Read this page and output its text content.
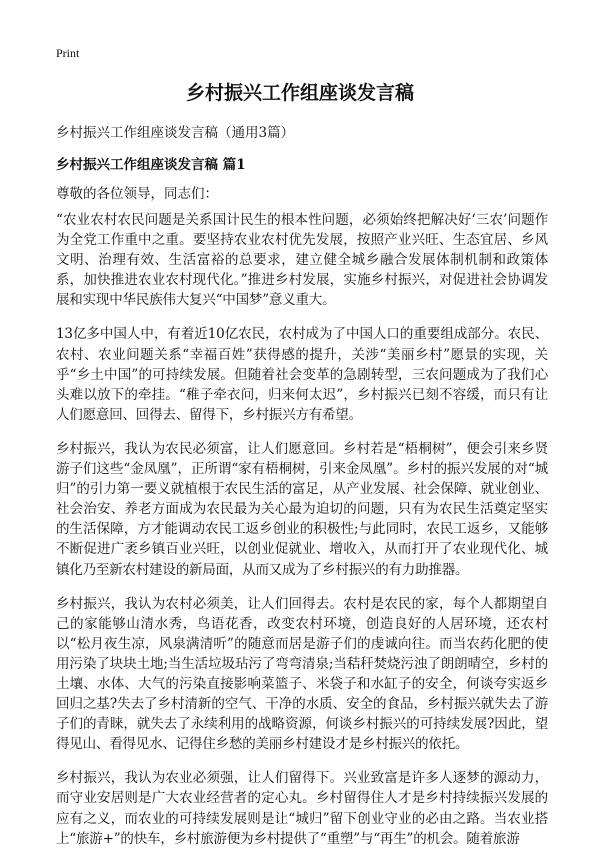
Print
乡村振兴工作组座谈发言稿
乡村振兴工作组座谈发言稿（通用3篇）
乡村振兴工作组座谈发言稿 篇1
尊敬的各位领导，同志们：

“农业农村农民问题是关系国计民生的根本性问题，必须始终把解决好‘三农’问题作为全党工作重中之重。要坚持农业农村优先发展，按照产业兴旺、生态宜居、乡风文明、治理有效、生活富裕的总要求，建立健全城乡融合发展体制机制和政策体系，加快推进农业农村现代化。”推进乡村发展，实施乡村振兴，对促进社会协调发展和实现中华民族伟大复兴“中国梦”意义重大。

13亿多中国人中，有着近10亿农民，农村成为了中国人口的重要组成部分。农民、农村、农业问题关系“幸福百姓”获得感的提升，关涉“美丽乡村”愿景的实现，关乎“乡土中国”的可持续发展。但随着社会变革的急剧转型，三农问题成为了我们心头难以放下的牵挂。“稚子牵衣问，归来何太迟”，乡村振兴已刻不容缓，而只有让人们愿意回、回得去、留得下，乡村振兴方有希望。

乡村振兴，我认为农民必须富，让人们愿意回。乡村若是“梧桐树”，便会引来乡贤游子们这些“金凤凰”，正所谓“家有梧桐树，引来金凤凰”。乡村的振兴发展的对“城归”的引力第一要义就植根于农民生活的富足，从产业发展、社会保障、就业创业、社会治安、养老方面成为农民最为关心最为迫切的问题，只有为农民生活奠定坚实的生活保障，方才能调动农民工返乡创业的积极性;与此同时，农民工返乡，又能够不断促进广袤乡镇百业兴旺，以创业促就业、增收入，从而打开了农业现代化、城镇化乃至新农村建设的新局面，从而又成为了乡村振兴的有力助推器。

乡村振兴，我认为农村必须美，让人们回得去。农村是农民的家，每个人都期望自己的家能够山清水秀，鸟语花香，改变农村环境，创造良好的人居环境，还农村以“松月夜生凉，风泉满清听”的随意而居是游子们的虔诚向往。而当农药化肥的使用污染了块块土地;当生活垃圾玷污了弯弯清泉;当秸秆焚烧污浊了朗朗晴空，乡村的土壤、水体、大气的污染直接影响菜篮子、米袋子和水缸子的安全，何谈夸实返乡回归之基?失去了乡村清新的空气、干净的水质、安全的食品，乡村振兴就失去了游子们的青睐，就失去了永续利用的战略资源，何谈乡村振兴的可持续发展?因此，望得见山、看得见水、记得住乡愁的美丽乡村建设才是乡村振兴的依托。

乡村振兴，我认为农业必须强，让人们留得下。兴业致富是许多人逐梦的源动力，而守业安居则是广大农业经营者的定心丸。乡村留得住人才是乡村持续振兴发展的应有之义，而农业的可持续发展则是让“城归”留下创业守业的必由之路。当农业搭上“旅游+”的快车，乡村旅游便为乡村提供了“重塑”与“再生”的机会。随着旅游
